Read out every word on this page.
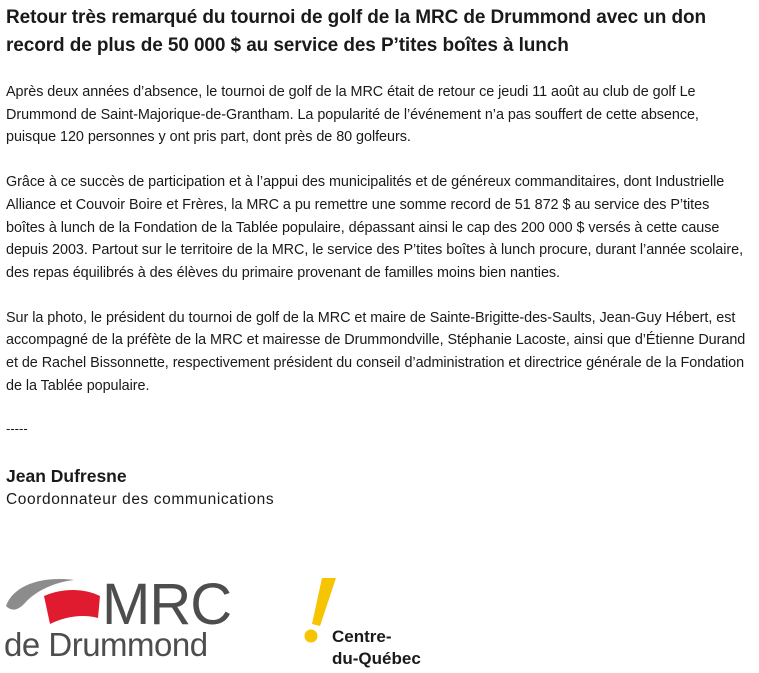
Retour très remarqué du tournoi de golf de la MRC de Drummond avec un don record de plus de 50 000 $ au service des P’tites boîtes à lunch

Après deux années d’absence, le tournoi de golf de la MRC était de retour ce jeudi 11 août au club de golf Le Drummond de Saint-Majorique-de-Grantham. La popularité de l’événement n’a pas souffert de cette absence, puisque 120 personnes y ont pris part, dont près de 80 golfeurs.

Grâce à ce succès de participation et à l’appui des municipalités et de généreux commanditaires, dont Industrielle Alliance et Couvoir Boire et Frères, la MRC a pu remettre une somme record de 51 872 $ au service des P’tites boîtes à lunch de la Fondation de la Tablée populaire, dépassant ainsi le cap des 200 000 $ versés à cette cause depuis 2003. Partout sur le territoire de la MRC, le service des P’tites boîtes à lunch procure, durant l’année scolaire, des repas équilibrés à des élèves du primaire provenant de familles moins bien nanties.

Sur la photo, le président du tournoi de golf de la MRC et maire de Sainte-Brigitte-des-Saults, Jean-Guy Hébert, est accompagné de la préfète de la MRC et mairesse de Drummondville, Stéphanie Lacoste, ainsi que d’Étienne Durand et de Rachel Bissonnette, respectivement président du conseil d’administration et directrice générale de la Fondation de la Tablée populaire.

-----
Jean Dufresne
Coordonnateur des communications
MRC
de Drummond	Centre-
du-Québec
